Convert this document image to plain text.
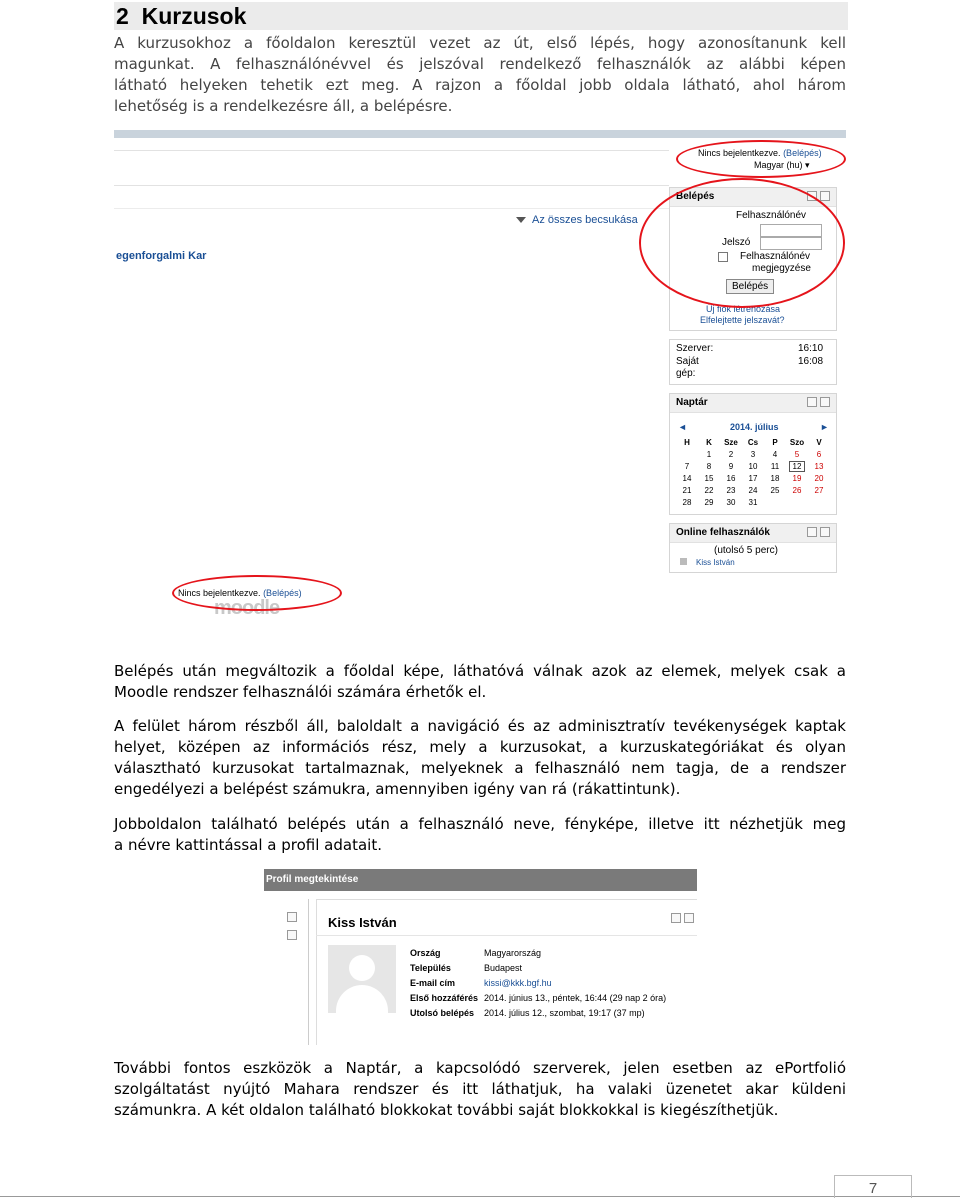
2 Kurzusok
A kurzusokhoz a főoldalon keresztül vezet az út, első lépés, hogy azonosítanunk kell
magunkat. A felhasználónévvel és jelszóval rendelkező felhasználók az alábbi képen
látható helyeken tehetik ezt meg. A rajzon a főoldal jobb oldala látható, ahol három
lehetőség is a rendelkezésre áll, a belépésre.
Nincs bejelentkezve. (Belépés)
Magyar (hu) ▾
Az összes becsukása
egenforgalmi Kar
Belépés
Felhasználónév
Jelszó
Felhasználónév
megjegyzése
Belépés
Új fiók létrehozása
Elfelejtette jelszavát?
Szerver:	16:10
Saját	16:08
gép:
Naptár
◄	2014. július	►
H	K	Sze	Cs	P	Szo	V
	1	2	3	4	5	6
7	8	9	10	11	12	13
14	15	16	17	18	19	20
21	22	23	24	25	26	27
28	29	30	31			
Online felhasználók
(utolsó 5 perc)
Kiss István
Nincs bejelentkezve. (Belépés)
moodle
Belépés után megváltozik a főoldal képe, láthatóvá válnak azok az elemek, melyek csak a
Moodle rendszer felhasználói számára érhetők el.
A felület három részből áll, baloldalt a navigáció és az adminisztratív tevékenységek kaptak
helyet, középen az információs rész, mely a kurzusokat, a kurzuskategóriákat és olyan
választható kurzusokat tartalmaznak, melyeknek a felhasználó nem tagja, de a rendszer
engedélyezi a belépést számukra, amennyiben igény van rá (rákattintunk).
Jobboldalon található belépés után a felhasználó neve, fényképe, illetve itt nézhetjük meg
a névre kattintással a profil adatait.
Profil megtekintése
Kiss István
Ország	Magyarország
Település	Budapest
E-mail cím	kissi@kkk.bgf.hu
Első hozzáférés 2014. június 13., péntek, 16:44 (29 nap 2 óra)
Utolsó belépés 2014. július 12., szombat, 19:17 (37 mp)
További fontos eszközök a Naptár, a kapcsolódó szerverek, jelen esetben az ePortfolió
szolgáltatást nyújtó Mahara rendszer és itt láthatjuk, ha valaki üzenetet akar küldeni
számunkra. A két oldalon található blokkokat további saját blokkokkal is kiegészíthetjük.
7
